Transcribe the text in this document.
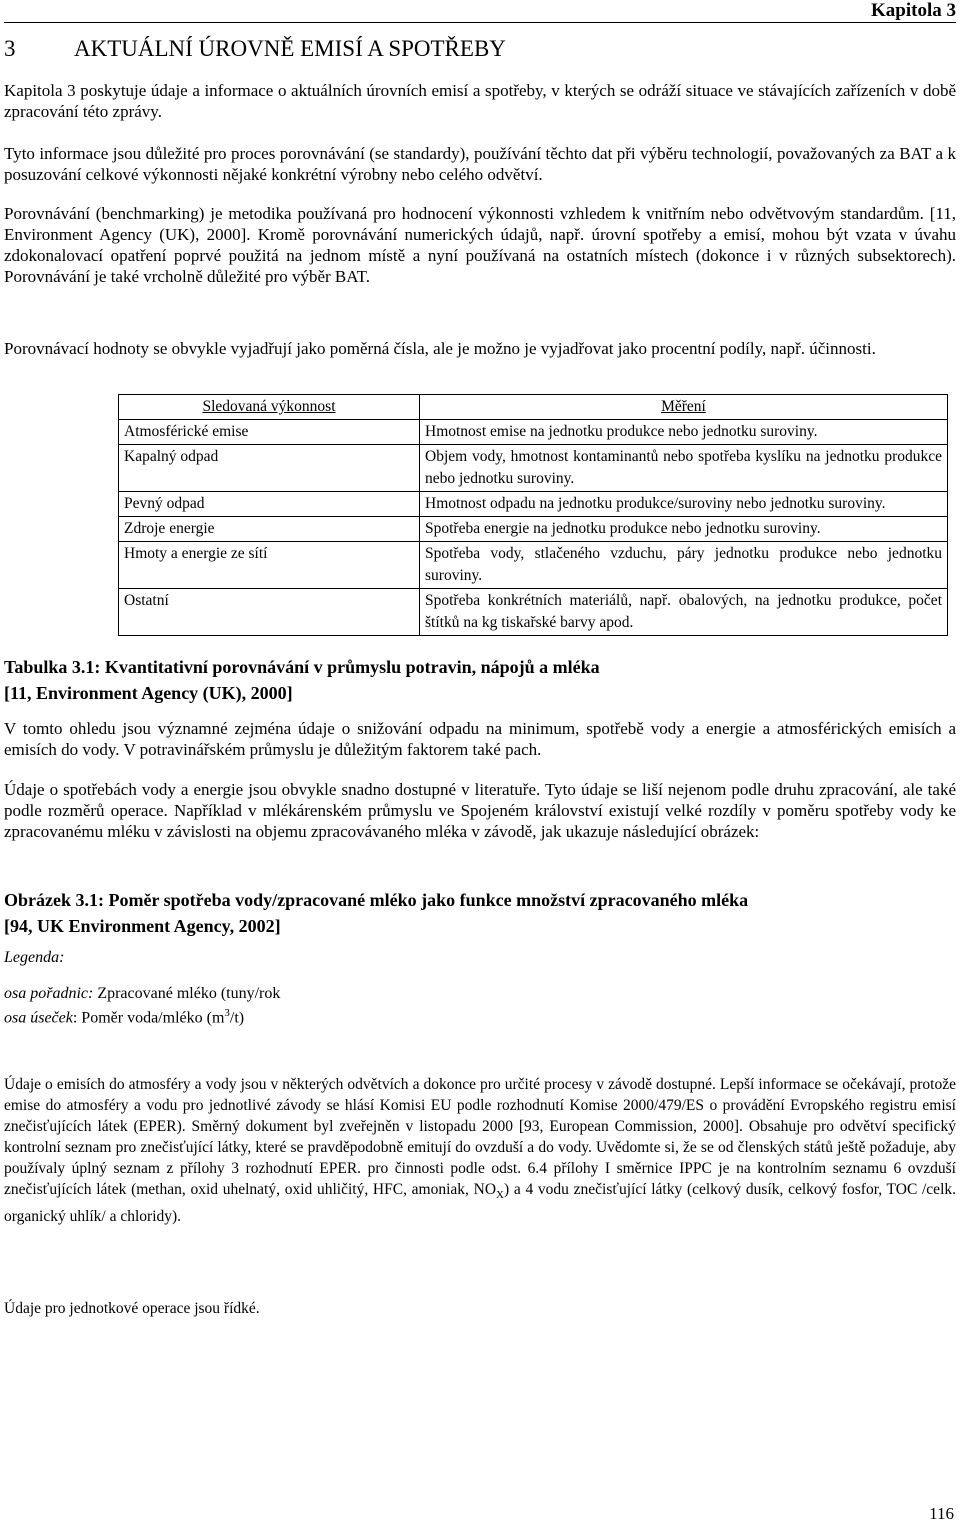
Kapitola 3
3	AKTUÁLNÍ ÚROVNĚ EMISÍ A SPOTŘEBY

Kapitola 3 poskytuje údaje a informace o aktuálních úrovních emisí a spotřeby, v kterých se odráží situace ve stávajících zařízeních v době zpracování této zprávy.

Tyto informace jsou důležité pro proces porovnávání (se standardy), používání těchto dat při výběru technologií, považovaných za BAT a k posuzování celkové výkonnosti nějaké konkrétní výrobny nebo celého odvětví.

Porovnávání (benchmarking) je metodika používaná pro hodnocení výkonnosti vzhledem k vnitřním nebo odvětvovým standardům. [11, Environment Agency (UK), 2000]. Kromě porovnávání numerických údajů, např. úrovní spotřeby a emisí, mohou být vzata v úvahu zdokonalovací opatření poprvé použitá na jednom místě a nyní používaná na ostatních místech (dokonce i v různých subsektorech). Porovnávání je také vrcholně důležité pro výběr BAT.

Porovnávací hodnoty se obvykle vyjadřují jako poměrná čísla, ale je možno je vyjadřovat jako procentní podíly, např. účinnosti.

Sledovaná výkonnost	Měření
Atmosférické emise	Hmotnost emise na jednotku produkce nebo jednotku suroviny.
Kapalný odpad	Objem vody, hmotnost kontaminantů nebo spotřeba kyslíku na jednotku produkce nebo jednotku suroviny.
Pevný odpad	Hmotnost odpadu na jednotku produkce/suroviny nebo jednotku suroviny.
Zdroje energie	Spotřeba energie na jednotku produkce nebo jednotku suroviny.
Hmoty a energie ze sítí	Spotřeba vody, stlačeného vzduchu, páry jednotku produkce nebo jednotku suroviny.
Ostatní	Spotřeba konkrétních materiálů, např. obalových, na jednotku produkce, počet štítků na kg tiskařské barvy apod.
Tabulka 3.1: Kvantitativní porovnávání v průmyslu potravin, nápojů a mléka
[11, Environment Agency (UK), 2000]

V tomto ohledu jsou významné zejména údaje o snižování odpadu na minimum, spotřebě vody a energie a atmosférických emisích a emisích do vody. V potravinářském průmyslu je důležitým faktorem také pach.

Údaje o spotřebách vody a energie jsou obvykle snadno dostupné v literatuře. Tyto údaje se liší nejenom podle druhu zpracování, ale také podle rozměrů operace. Například v mlékárenském průmyslu ve Spojeném království existují velké rozdíly v poměru spotřeby vody ke zpracovanému mléku v závislosti na objemu zpracovávaného mléka v závodě, jak ukazuje následující obrázek:

Obrázek 3.1: Poměr spotřeba vody/zpracované mléko jako funkce množství zpracovaného mléka
[94, UK Environment Agency, 2002]
Legenda:
osa pořadnic: Zpracované mléko (tuny/rok
osa úseček: Poměr voda/mléko $(m^3/t)$

Údaje o emisích do atmosféry a vody jsou v některých odvětvích a dokonce pro určité procesy v závodě dostupné. Lepší informace se očekávají, protože emise do atmosféry a vodu pro jednotlivé závody se hlásí Komisi EU podle rozhodnutí Komise 2000/479/ES o provádění Evropského registru emisí znečisťujících látek (EPER). Směrný dokument byl zveřejněn v listopadu 2000 [93, European Commission, 2000]. Obsahuje pro odvětví specifický kontrolní seznam pro znečisťující látky, které se pravděpodobně emitují do ovzduší a do vody. Uvědomte si, že se od členských států ještě požaduje, aby používaly úplný seznam z přílohy 3 rozhodnutí EPER. pro činnosti podle odst. 6.4 přílohy I směrnice IPPC je na kontrolním seznamu 6 ovzduší znečisťujících látek (methan, oxid uhelnatý, oxid uhličitý, HFC, amoniak, $NO_X$) a 4 vodu znečisťující látky (celkový dusík, celkový fosfor, TOC /celk. organický uhlík/ a chloridy).

Údaje pro jednotkové operace jsou řídké.

116
